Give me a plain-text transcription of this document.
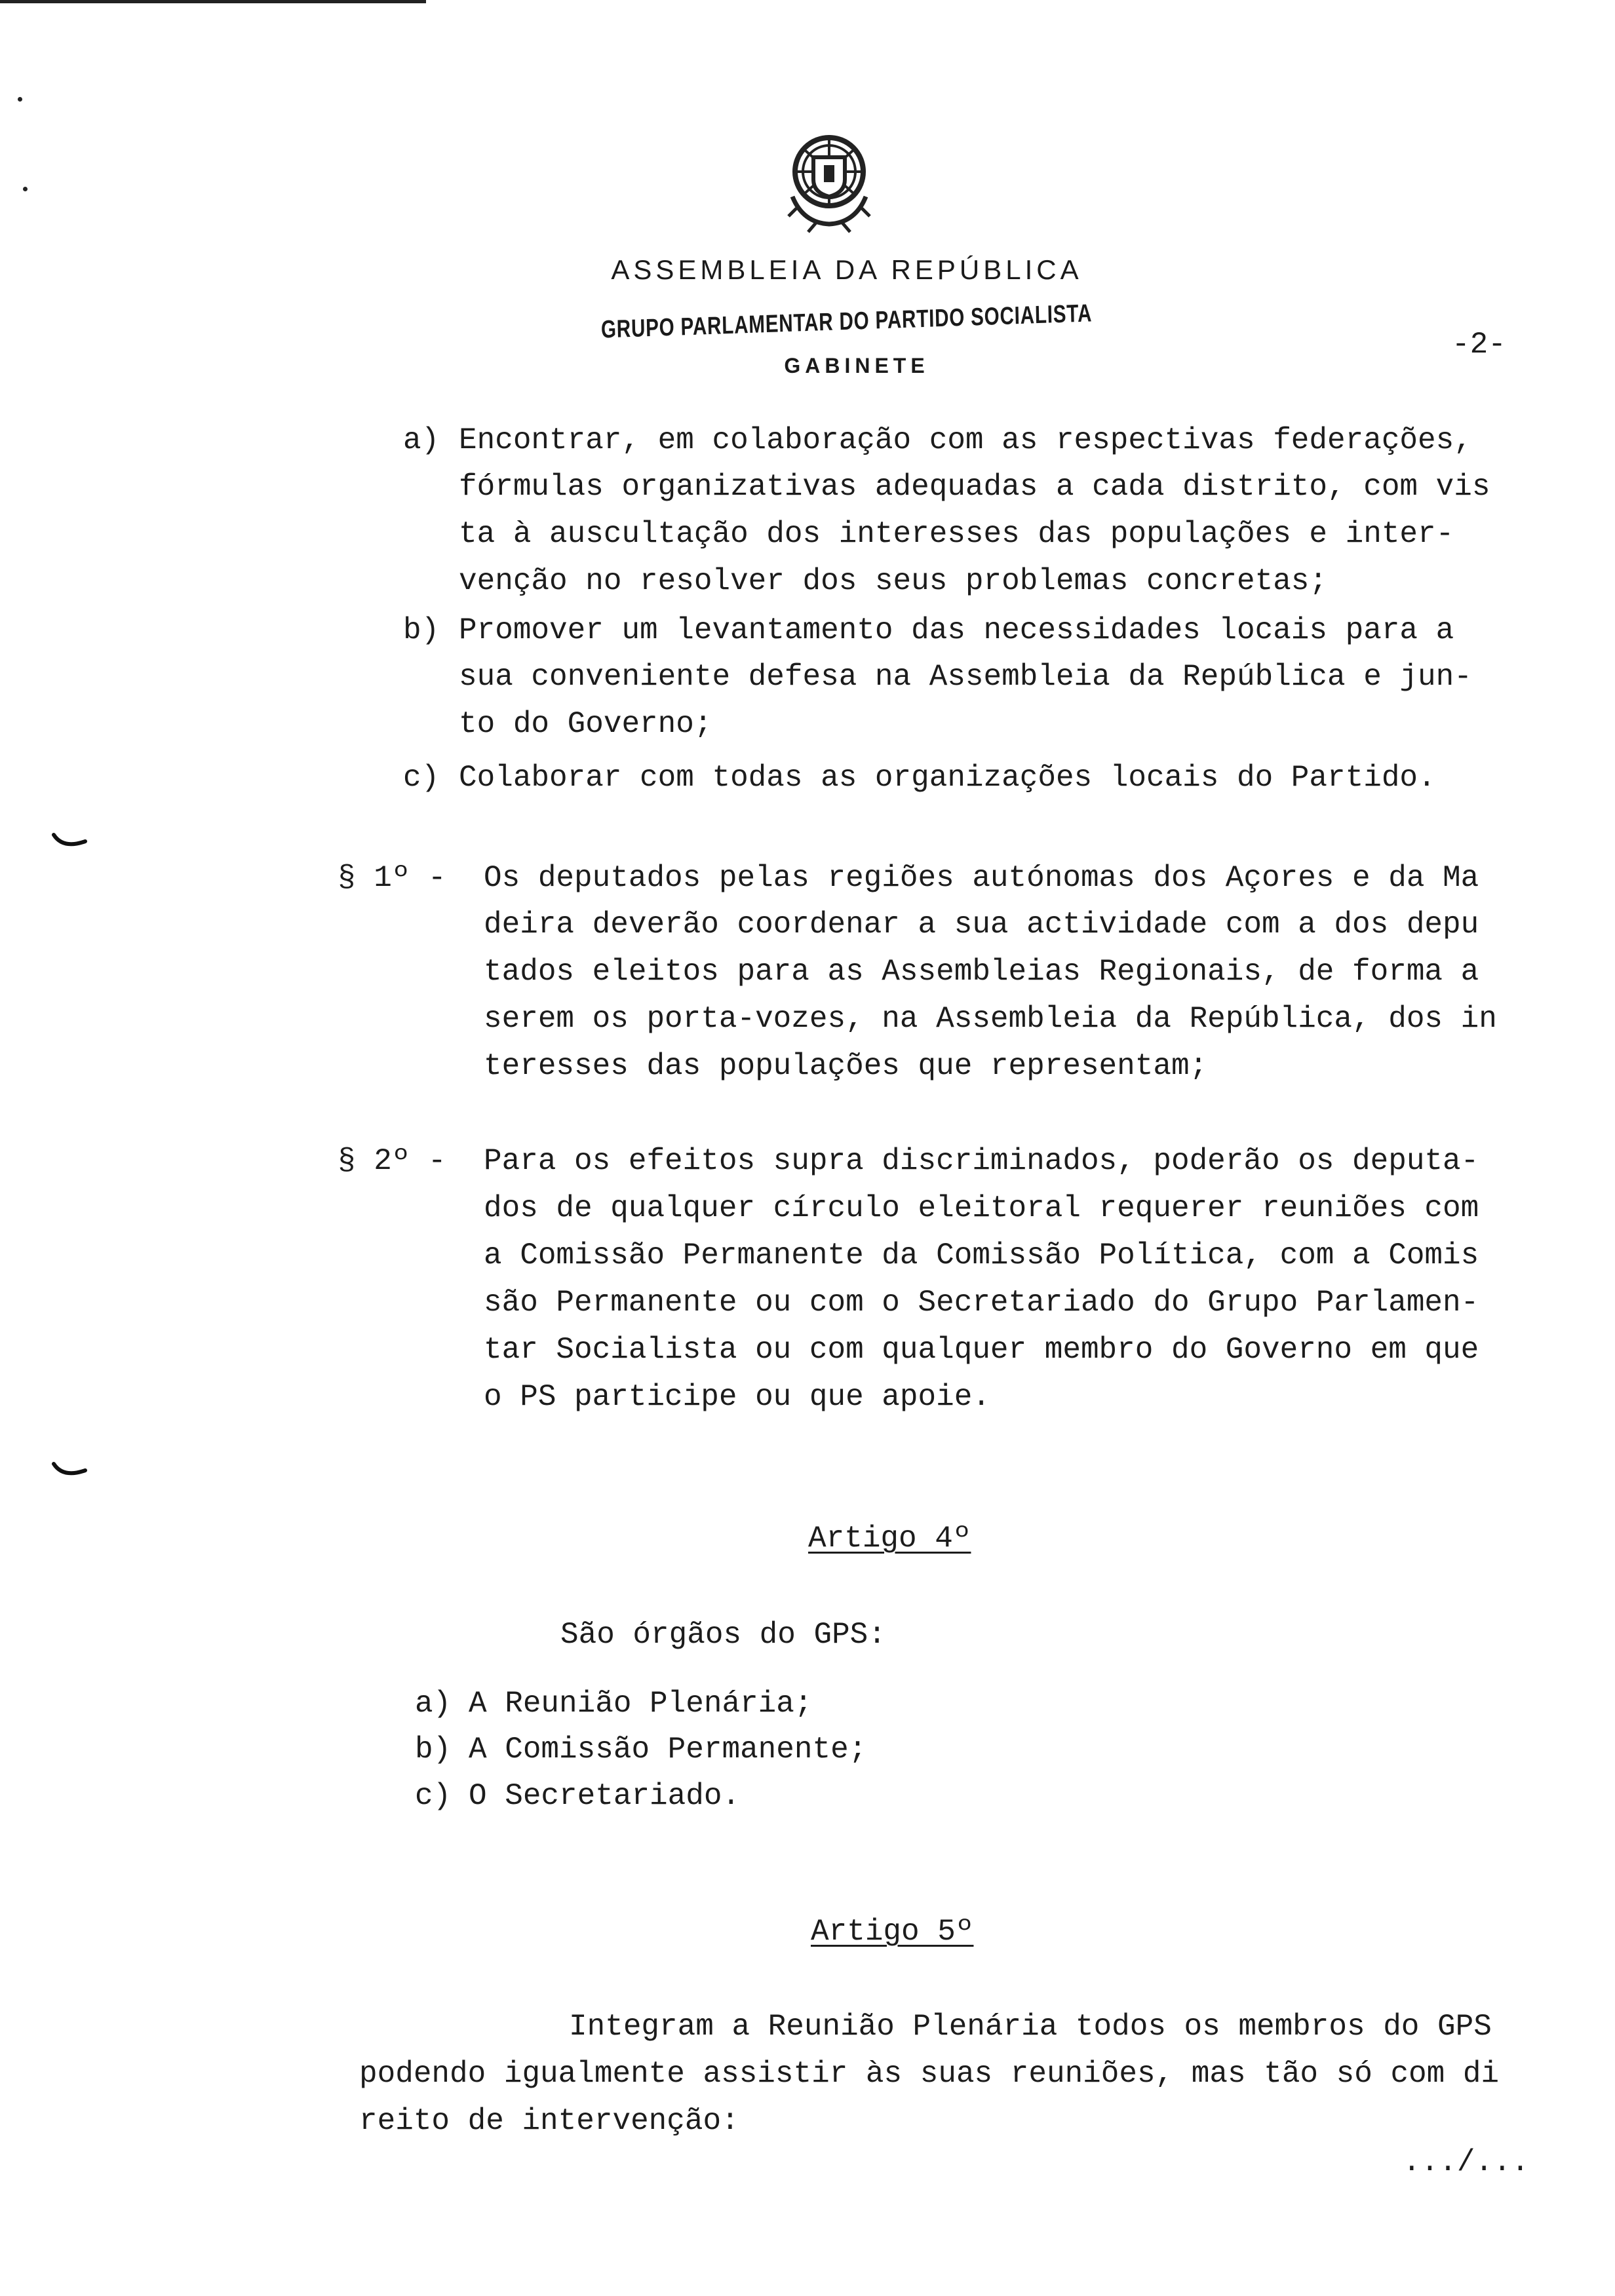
ASSEMBLEIA DA REPÚBLICA
GRUPO PARLAMENTAR DO PARTIDO SOCIALISTA
GABINETE
-2-
a) Encontrar, em colaboração com as respectivas federações,
fórmulas organizativas adequadas a cada distrito, com vis
ta à auscultação dos interesses das populações e inter-
venção no resolver dos seus problemas concretas;
b) Promover um levantamento das necessidades locais para a
sua conveniente defesa na Assembleia da República e jun-
to do Governo;
c) Colaborar com todas as organizações locais do Partido.
§ 1º - Os deputados pelas regiões autónomas dos Açores e da Ma
deira deverão coordenar a sua actividade com a dos depu
tados eleitos para as Assembleias Regionais, de forma a
serem os porta-vozes, na Assembleia da República, dos in
teresses das populações que representam;
§ 2º - Para os efeitos supra discriminados, poderão os deputa-
dos de qualquer círculo eleitoral requerer reuniões com
a Comissão Permanente da Comissão Política, com a Comis
são Permanente ou com o Secretariado do Grupo Parlamen-
tar Socialista ou com qualquer membro do Governo em que
o PS participe ou que apoie.
Artigo 4º
São órgãos do GPS:
a) A Reunião Plenária;
b) A Comissão Permanente;
c) O Secretariado.
Artigo 5º
Integram a Reunião Plenária todos os membros do GPS
podendo igualmente assistir às suas reuniões, mas tão só com di
reito de intervenção:
.../...
